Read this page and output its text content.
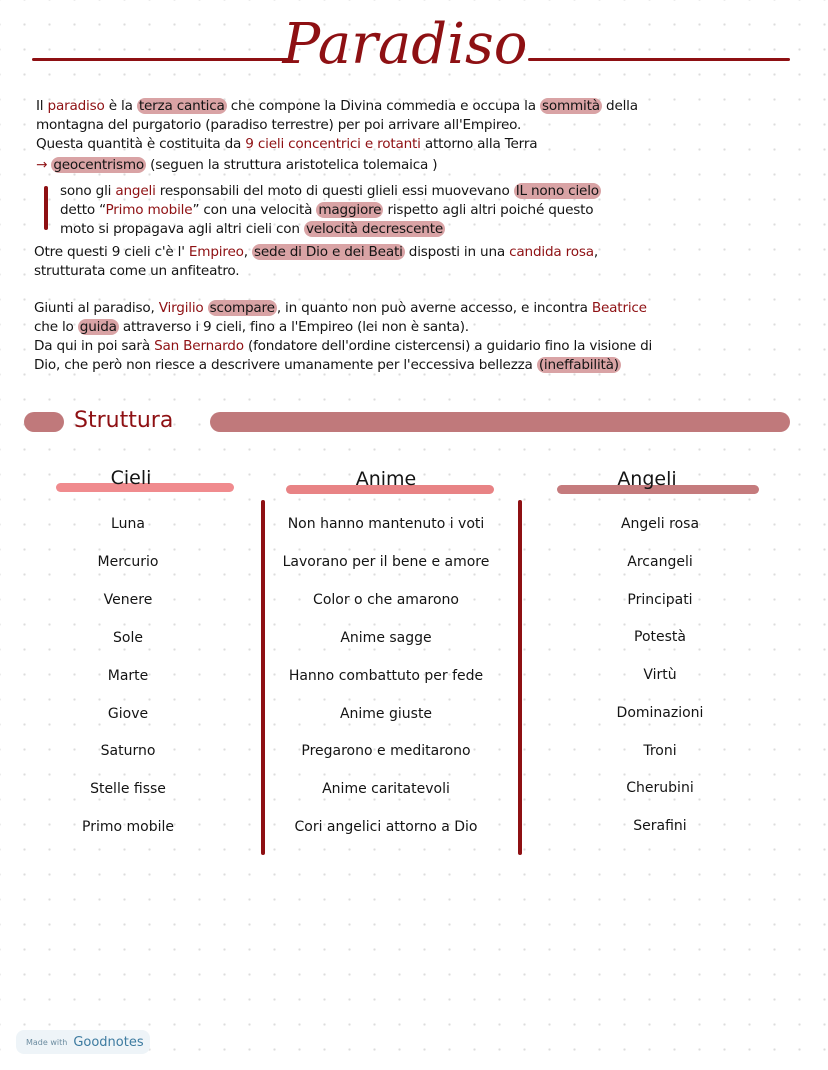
Paradiso
Il paradiso è la terza cantica che compone la Divina commedia e occupa la sommità della
montagna del purgatorio (paradiso terrestre) per poi arrivare all'Empireo.
Questa quantità è costituita da 9 cieli concentrici e rotanti attorno alla Terra
→ geocentrismo (seguen la struttura aristotelica tolemaica )
sono gli angeli responsabili del moto di questi glieli essi muovevano IL nono cielo
detto “Primo mobile” con una velocità maggiore rispetto agli altri poiché questo
moto si propagava agli altri cieli con velocità decrescente
Otre questi 9 cieli c'è l' Empireo, sede di Dio e dei Beati disposti in una candida rosa,
strutturata come un anfiteatro.
Giunti al paradiso, Virgilio scompare , in quanto non può averne accesso, e incontra Beatrice
che lo guida attraverso i 9 cieli, fino a l'Empireo (lei non è santa).
Da qui in poi sarà San Bernardo (fondatore dell'ordine cistercensi) a guidario fino la visione di
Dio, che però non riesce a descrivere umanamente per l'eccessiva bellezza (ineffabilità)
Struttura
Cieli	Anime	Angeli
Luna
Mercurio
Venere
Sole
Marte
Giove
Saturno
Stelle fisse
Primo mobile
Non hanno mantenuto i voti
Lavorano per il bene e amore
Color o che amarono
Anime sagge
Hanno combattuto per fede
Anime giuste
Pregarono e meditarono
Anime caritatevoli
Cori angelici attorno a Dio
Angeli rosa
Arcangeli
Principati
Potestà
Virtù
Dominazioni
Troni
Cherubini
Serafini
Made with Goodnotes
